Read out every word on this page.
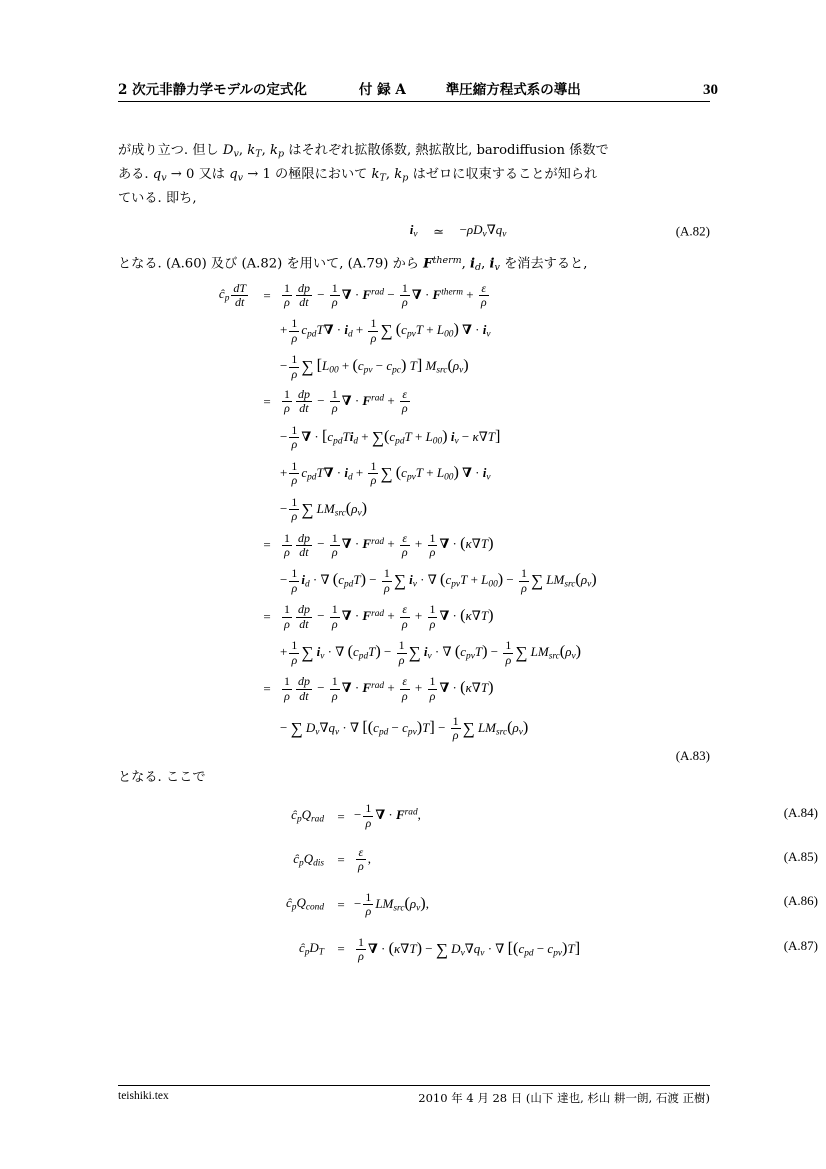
2 次元非静力学モデルの定式化	付 録 A	準圧縮方程式系の導出	30
が成り立つ. 但し $D_v$, $k_T$, $k_p$ はそれぞれ拡散係数, 熱拡散比, barodiffusion 係数で
ある. $q_v \to 0$ 又は $q_v \to 1$ の極限において $k_T$, $k_p$ はゼロに収束することが知られ
ている. 即ち,
$i_v$	≃	$-\rho D_v\nabla q_v$	(A.82)
となる. (A.60) 及び (A.82) を用いて, (A.79) から $F^{therm}$, $i_d$, $i_v$ を消去すると,
$ĉ_p \frac{dT}{dt}$	= $\frac{1}{\rho} \frac{dp}{dt} - \frac{1}{\rho}$ ∇ · $F^{rad} - \frac{1}{\rho}$ ∇ · $F^{therm} + \frac{\varepsilon}{\rho}$
+ $\frac{1}{\rho} c_{pd}T\nabla \cdot i_d + \frac{1}{\rho}$ ∑ $(c_{pv}T + L_{00})$ ∇ · $i_v$
− $\frac{1}{\rho}$ ∑ [$L_{00} + (c_{pv} - c_{pc})$ T] $M_{src}(\rho_v)$
= $\frac{1}{\rho} \frac{dp}{dt} - \frac{1}{\rho}$ ∇ · $F^{rad} + \frac{\varepsilon}{\rho}$
− $\frac{1}{\rho}$ ∇ · $[c_{pd}Ti_d + \sum(c_{pd}T + L_{00}) i_v - \kappa\nabla T]$
+ $\frac{1}{\rho} c_{pd}T\nabla \cdot i_d + \frac{1}{\rho}$ ∑ $(c_{pv}T + L_{00})$ ∇ · $i_v$
− $\frac{1}{\rho}$ ∑ $LM_{src}(\rho_v)$
= $\frac{1}{\rho} \frac{dp}{dt} - \frac{1}{\rho}$ ∇ · $F^{rad} + \frac{\varepsilon}{\rho} + \frac{1}{\rho}$ ∇ · (κ∇T)
− $\frac{1}{\rho} i_d$ · ∇ $(c_{pd}T) - \frac{1}{\rho}$ ∑ $i_v$ · ∇ $(c_{pv}T + L_{00}) - \frac{1}{\rho}$ ∑ $LM_{src}(\rho_v)$
= $\frac{1}{\rho} \frac{dp}{dt} - \frac{1}{\rho}$ ∇ · $F^{rad} + \frac{\varepsilon}{\rho} + \frac{1}{\rho}$ ∇ · (κ∇T)
+ $\frac{1}{\rho}$ ∑ $i_v$ · ∇ $(c_{pd}T) - \frac{1}{\rho}$ ∑ $i_v$ · ∇ $(c_{pv}T) - \frac{1}{\rho}$ ∑ $LM_{src}(\rho_v)$
= $\frac{1}{\rho} \frac{dp}{dt} - \frac{1}{\rho}$ ∇ · $F^{rad} + \frac{\varepsilon}{\rho} + \frac{1}{\rho}$ ∇ · (κ∇T)
− ∑ $D_v\nabla q_v$ · ∇ $[(c_{pd} - c_{pv})T] - \frac{1}{\rho}$ ∑ $LM_{src}(\rho_v)$
(A.83)
となる. ここで
$ĉ_pQ_{rad}$	= − $\frac{1}{\rho}$ ∇ · $F^{rad}$,	(A.84)
$ĉ_pQ_{dis}$	= $\frac{\varepsilon}{\rho}$ ,	(A.85)
$ĉ_pQ_{cond}$	= − $\frac{1}{\rho} LM_{src}(\rho_v)$,	(A.86)
$ĉ_pD_T$	= $\frac{1}{\rho}$ ∇ · (κ∇T) − ∑ $D_v\nabla q_v$ · ∇ $[(c_{pd} - c_{pv})T]$	(A.87)
teishiki.tex	2010 年 4 月 28 日 (山下 達也, 杉山 耕一朗, 石渡 正樹)
